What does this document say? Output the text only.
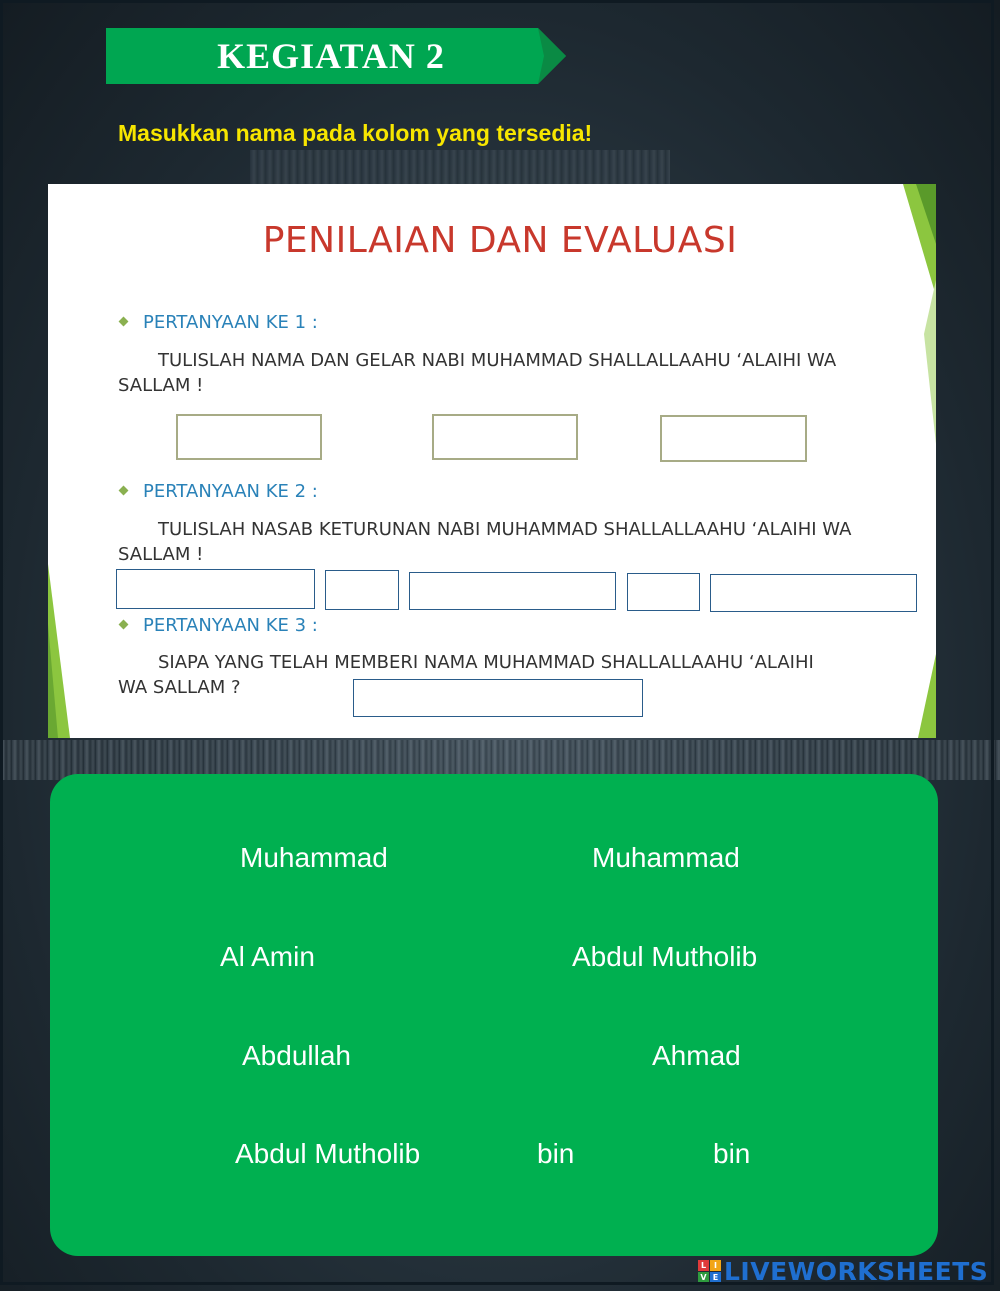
KEGIATAN 2
Masukkan nama pada kolom yang tersedia!
PENILAIAN DAN EVALUASI
PERTANYAAN KE 1 :
TULISLAH NAMA DAN GELAR NABI MUHAMMAD SHALLALLAAHU ‘ALAIHI WA SALLAM !
PERTANYAAN KE 2 :
TULISLAH NASAB KETURUNAN NABI MUHAMMAD SHALLALLAAHU ‘ALAIHI WA SALLAM !
PERTANYAAN KE 3 :
SIAPA YANG TELAH MEMBERI NAMA MUHAMMAD SHALLALLAAHU ‘ALAIHI WA SALLAM ?
Muhammad	Muhammad
Al Amin	Abdul Mutholib
Abdullah	Ahmad
Abdul Mutholib	bin	bin
L I
V E LIVEWORKSHEETS
